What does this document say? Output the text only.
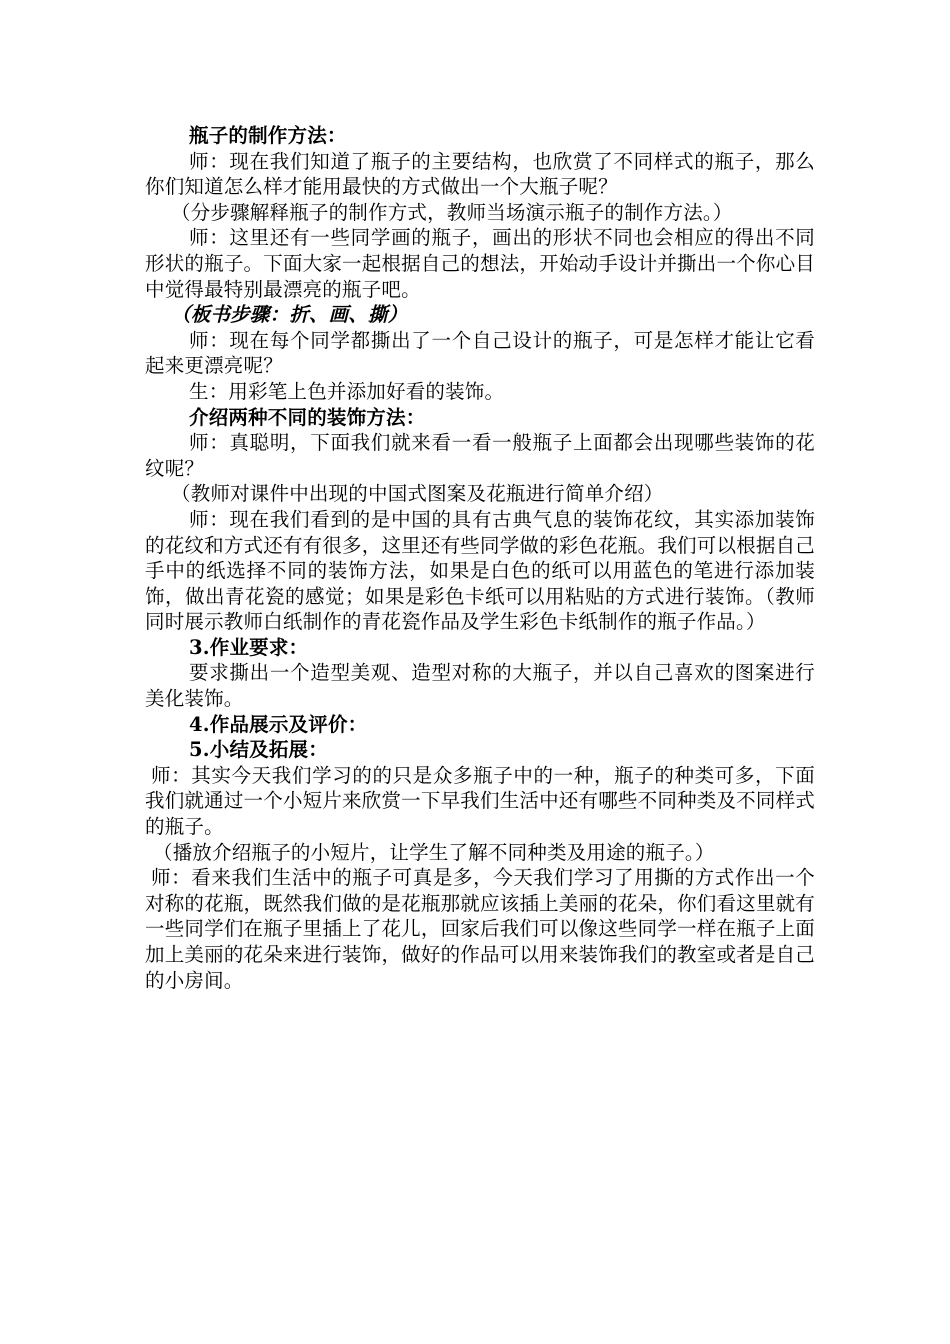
瓶子的制作方法：

师：现在我们知道了瓶子的主要结构，也欣赏了不同样式的瓶子，那么你们知道怎么样才能用最快的方式做出一个大瓶子呢？

（分步骤解释瓶子的制作方式，教师当场演示瓶子的制作方法。）

师：这里还有一些同学画的瓶子，画出的形状不同也会相应的得出不同形状的瓶子。下面大家一起根据自己的想法，开始动手设计并撕出一个你心目中觉得最特别最漂亮的瓶子吧。

（板书步骤：折、画、撕）

师：现在每个同学都撕出了一个自己设计的瓶子，可是怎样才能让它看起来更漂亮呢？

生：用彩笔上色并添加好看的装饰。

介绍两种不同的装饰方法：

师：真聪明，下面我们就来看一看一般瓶子上面都会出现哪些装饰的花纹呢？

（教师对课件中出现的中国式图案及花瓶进行简单介绍）

师：现在我们看到的是中国的具有古典气息的装饰花纹，其实添加装饰的花纹和方式还有有很多，这里还有些同学做的彩色花瓶。我们可以根据自己手中的纸选择不同的装饰方法，如果是白色的纸可以用蓝色的笔进行添加装饰，做出青花瓷的感觉；如果是彩色卡纸可以用粘贴的方式进行装饰。（教师同时展示教师白纸制作的青花瓷作品及学生彩色卡纸制作的瓶子作品。）

3.作业要求：

要求撕出一个造型美观、造型对称的大瓶子，并以自己喜欢的图案进行美化装饰。

4.作品展示及评价：

5.小结及拓展：

师：其实今天我们学习的的只是众多瓶子中的一种，瓶子的种类可多，下面我们就通过一个小短片来欣赏一下早我们生活中还有哪些不同种类及不同样式的瓶子。

（播放介绍瓶子的小短片，让学生了解不同种类及用途的瓶子。）

师：看来我们生活中的瓶子可真是多，今天我们学习了用撕的方式作出一个对称的花瓶，既然我们做的是花瓶那就应该插上美丽的花朵，你们看这里就有一些同学们在瓶子里插上了花儿，回家后我们可以像这些同学一样在瓶子上面加上美丽的花朵来进行装饰，做好的作品可以用来装饰我们的教室或者是自己的小房间。
